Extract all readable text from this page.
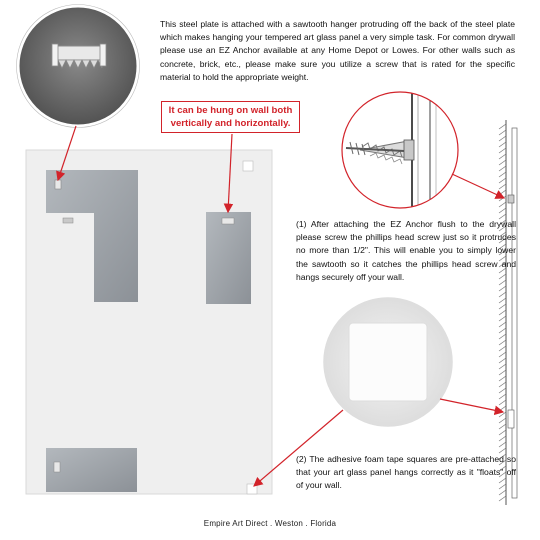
This steel plate is attached with a sawtooth hanger protruding off the back of the steel plate which makes hanging your tempered art glass panel a very simple task. For common drywall please use an EZ Anchor available at any Home Depot or Lowes. For other walls such as concrete, brick, etc., please make sure you utilize a screw that is rated for the specific material to hold the appropriate weight.

It can be hung on wall both vertically and horizontally.

(1) After attaching the EZ Anchor flush to the drywall please screw the phillips head screw just so it protrudes no more than 1/2". This will enable you to simply lower the sawtooth so it catches the phillips head screw and hangs securely off your wall.

(2) The adhesive foam tape squares are pre-attached so that your art glass panel hangs correctly as it "floats" off of your wall.

Empire Art Direct . Weston . Florida
